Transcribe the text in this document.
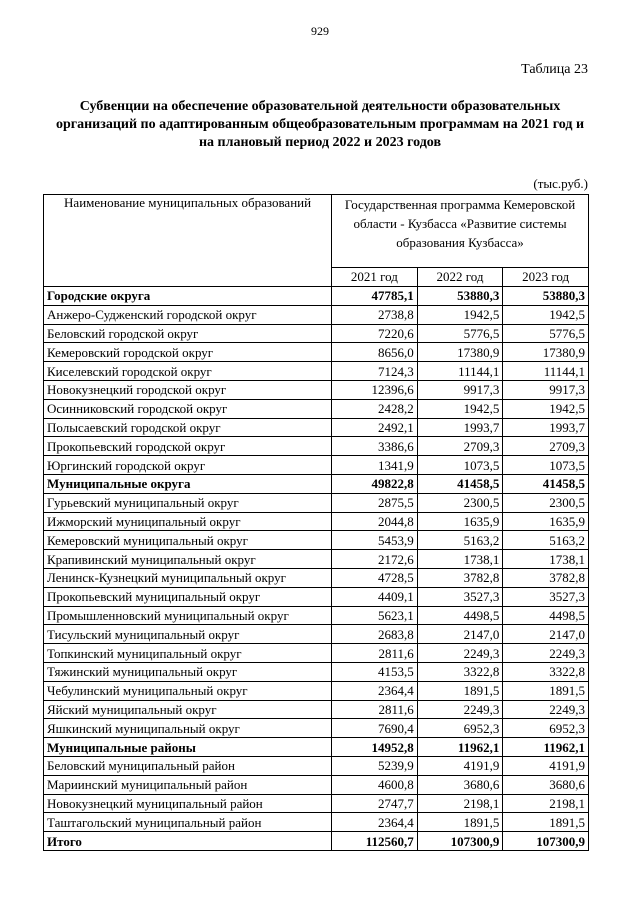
929
Таблица 23
Субвенции на обеспечение образовательной деятельности образовательных
организаций по адаптированным общеобразовательным программам на 2021 год и
на плановый период 2022 и 2023 годов
(тыс.руб.)
Наименование муниципальных образований	Государственная программа Кемеровской
области - Кузбасса «Развитие системы
образования Кузбасса»		

	2021 год	2022 год	2023 год
Городские округа	47785,1	53880,3	53880,3
Анжеро-Судженский городской округ	2738,8	1942,5	1942,5
Беловский городской округ	7220,6	5776,5	5776,5
Кемеровский городской округ	8656,0	17380,9	17380,9
Киселевский городской округ	7124,3	11144,1	11144,1
Новокузнецкий городской округ	12396,6	9917,3	9917,3
Осинниковский городской округ	2428,2	1942,5	1942,5
Полысаевский городской округ	2492,1	1993,7	1993,7
Прокопьевский городской округ	3386,6	2709,3	2709,3
Юргинский городской округ	1341,9	1073,5	1073,5
Муниципальные округа	49822,8	41458,5	41458,5
Гурьевский муниципальный округ	2875,5	2300,5	2300,5
Ижморский муниципальный округ	2044,8	1635,9	1635,9
Кемеровский муниципальный округ	5453,9	5163,2	5163,2
Крапивинский муниципальный округ	2172,6	1738,1	1738,1
Ленинск-Кузнецкий муниципальный округ	4728,5	3782,8	3782,8
Прокопьевский муниципальный округ	4409,1	3527,3	3527,3
Промышленновский муниципальный округ	5623,1	4498,5	4498,5
Тисульский муниципальный округ	2683,8	2147,0	2147,0
Топкинский муниципальный округ	2811,6	2249,3	2249,3
Тяжинский муниципальный округ	4153,5	3322,8	3322,8
Чебулинский муниципальный округ	2364,4	1891,5	1891,5
Яйский муниципальный округ	2811,6	2249,3	2249,3
Яшкинский муниципальный округ	7690,4	6952,3	6952,3
Муниципальные районы	14952,8	11962,1	11962,1
Беловский муниципальный район	5239,9	4191,9	4191,9
Мариинский муниципальный район	4600,8	3680,6	3680,6
Новокузнецкий муниципальный район	2747,7	2198,1	2198,1
Таштагольский муниципальный район	2364,4	1891,5	1891,5
Итого	112560,7	107300,9	107300,9
